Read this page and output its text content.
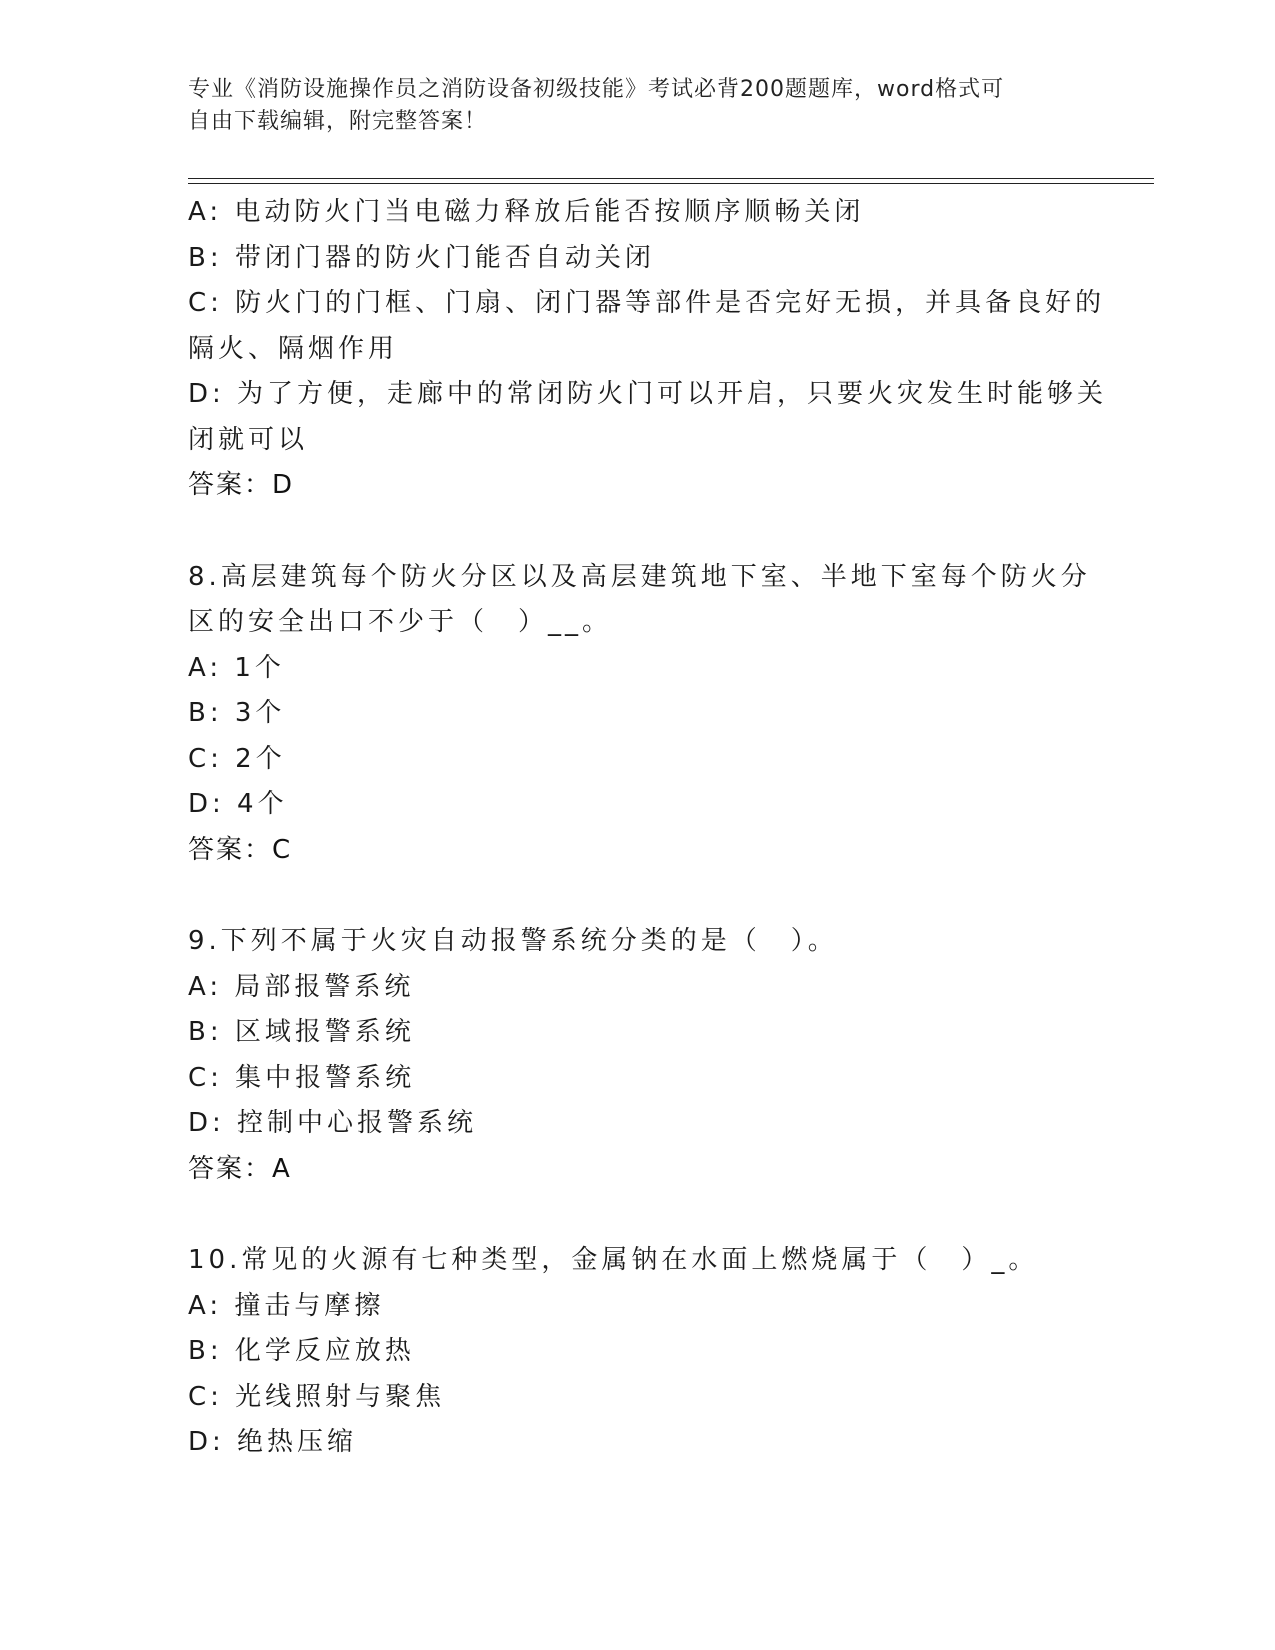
专业《消防设施操作员之消防设备初级技能》考试必背200题题库，word格式可
自由下载编辑，附完整答案！
A: 电动防火门当电磁力释放后能否按顺序顺畅关闭
B: 带闭门器的防火门能否自动关闭
C: 防火门的门框、门扇、闭门器等部件是否完好无损，并具备良好的
隔火、隔烟作用
D: 为了方便，走廊中的常闭防火门可以开启，只要火灾发生时能够关
闭就可以
答案：D
8.高层建筑每个防火分区以及高层建筑地下室、半地下室每个防火分
区的安全出口不少于（　）__。
A: 1个
B: 3个
C: 2个
D: 4个
答案：C
9.下列不属于火灾自动报警系统分类的是（　）。
A: 局部报警系统
B: 区域报警系统
C: 集中报警系统
D: 控制中心报警系统
答案：A
10.常见的火源有七种类型，金属钠在水面上燃烧属于（　）_。
A: 撞击与摩擦
B: 化学反应放热
C: 光线照射与聚焦
D: 绝热压缩
